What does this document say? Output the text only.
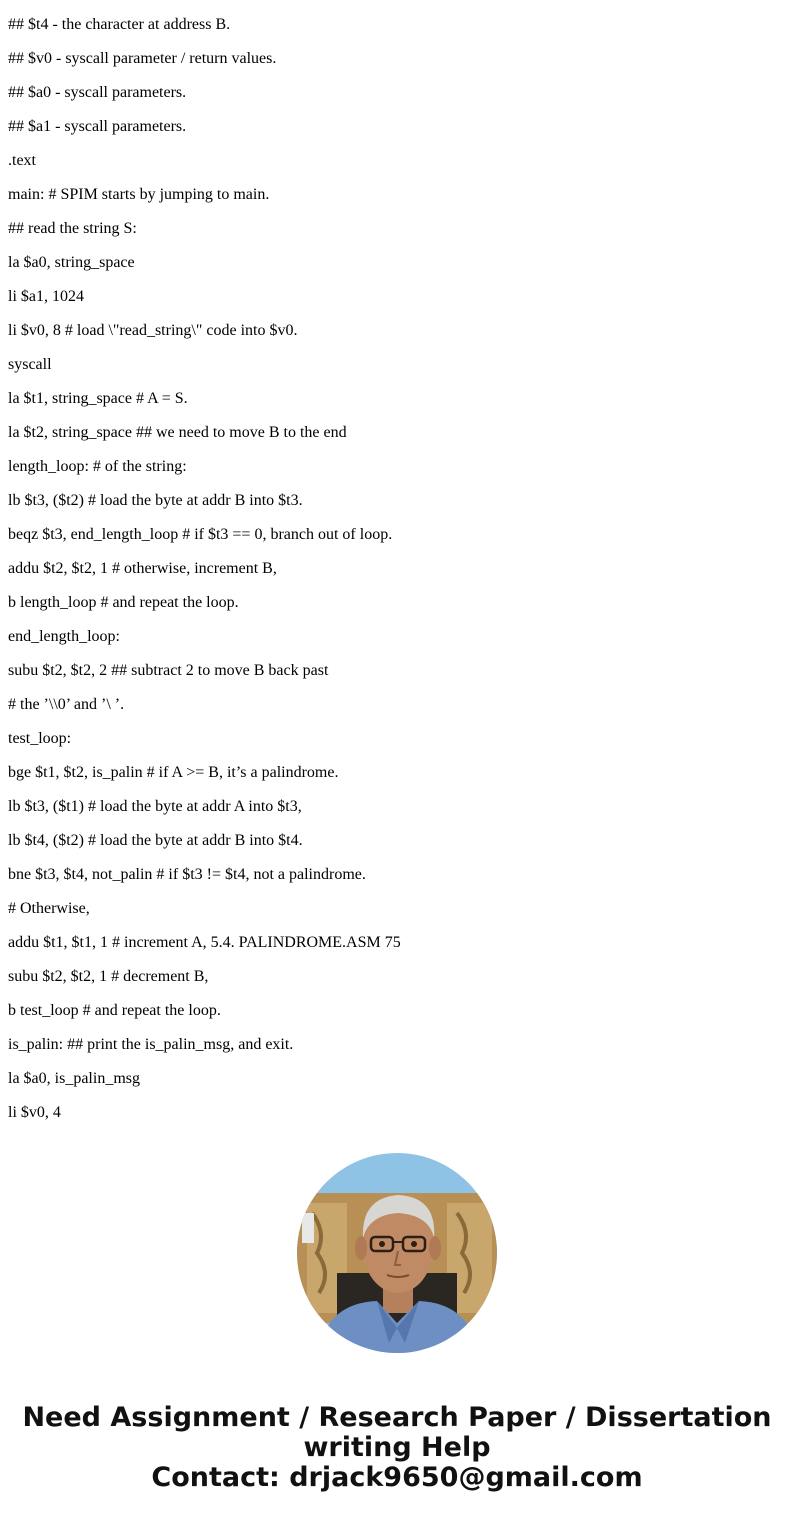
## $t4 - the character at address B.
## $v0 - syscall parameter / return values.
## $a0 - syscall parameters.
## $a1 - syscall parameters.
.text
main: # SPIM starts by jumping to main.
## read the string S:
la $a0, string_space
li $a1, 1024
li $v0, 8 # load \"read_string\" code into $v0.
syscall
la $t1, string_space # A = S.
la $t2, string_space ## we need to move B to the end
length_loop: # of the string:
lb $t3, ($t2) # load the byte at addr B into $t3.
beqz $t3, end_length_loop # if $t3 == 0, branch out of loop.
addu $t2, $t2, 1 # otherwise, increment B,
b length_loop # and repeat the loop.
end_length_loop:
subu $t2, $t2, 2 ## subtract 2 to move B back past
# the ’\\0’ and ’\ ’.
test_loop:
bge $t1, $t2, is_palin # if A >= B, it’s a palindrome.
lb $t3, ($t1) # load the byte at addr A into $t3,
lb $t4, ($t2) # load the byte at addr B into $t4.
bne $t3, $t4, not_palin # if $t3 != $t4, not a palindrome.
# Otherwise,
addu $t1, $t1, 1 # increment A, 5.4. PALINDROME.ASM 75
subu $t2, $t2, 1 # decrement B,
b test_loop # and repeat the loop.
is_palin: ## print the is_palin_msg, and exit.
la $a0, is_palin_msg
li $v0, 4
Need Assignment / Research Paper / Dissertation
writing Help
Contact: drjack9650@gmail.com
